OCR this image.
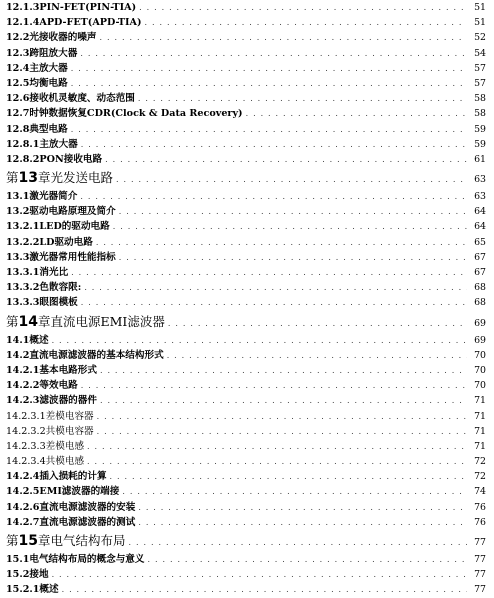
12.1.3PIN-FET(PIN-TIA) . . .	51
12.1.4APD-FET(APD-TIA) . . .	51
12.2光接收器的噪声 . . .	52
12.3跨阻放大器 . . .	54
12.4主放大器 . . .	57
12.5均衡电路 . . .	57
12.6接收机灵敏度、动态范围 . . .	58
12.7时钟数据恢复CDR(Clock & Data Recovery) . . .	58
12.8典型电路 . . .	59
12.8.1主放大器 . . .	59
12.8.2PON接收电路 . . .	61
第13章光发送电路 . . .	63
13.1激光器简介 . . .	63
13.2驱动电路原理及简介 . . .	64
13.2.1LED的驱动电路 . . .	64
13.2.2LD驱动电路 . . .	65
13.3激光器常用性能指标 . . .	67
13.3.1消光比 . . .	67
13.3.2色散容限: . . .	68
13.3.3眼图模板 . . .	68
第14章直流电源EMI滤波器 . . .	69
14.1概述 . . .	69
14.2直流电源滤波器的基本结构形式 . . .	70
14.2.1基本电路形式 . . .	70
14.2.2等效电路 . . .	70
14.2.3滤波器的器件 . . .	71
14.2.3.1差模电容器 . . .	71
14.2.3.2共模电容器 . . .	71
14.2.3.3差模电感 . . .	71
14.2.3.4共模电感 . . .	72
14.2.4插入损耗的计算 . . .	72
14.2.5EMI滤波器的端接 . . .	74
14.2.6直流电源滤波器的安装 . . .	76
14.2.7直流电源滤波器的测试 . . .	76
第15章电气结构布局 . . .	77
15.1电气结构布局的概念与意义 . . .	77
15.2接地 . . .	77
15.2.1概述 . . .	77
